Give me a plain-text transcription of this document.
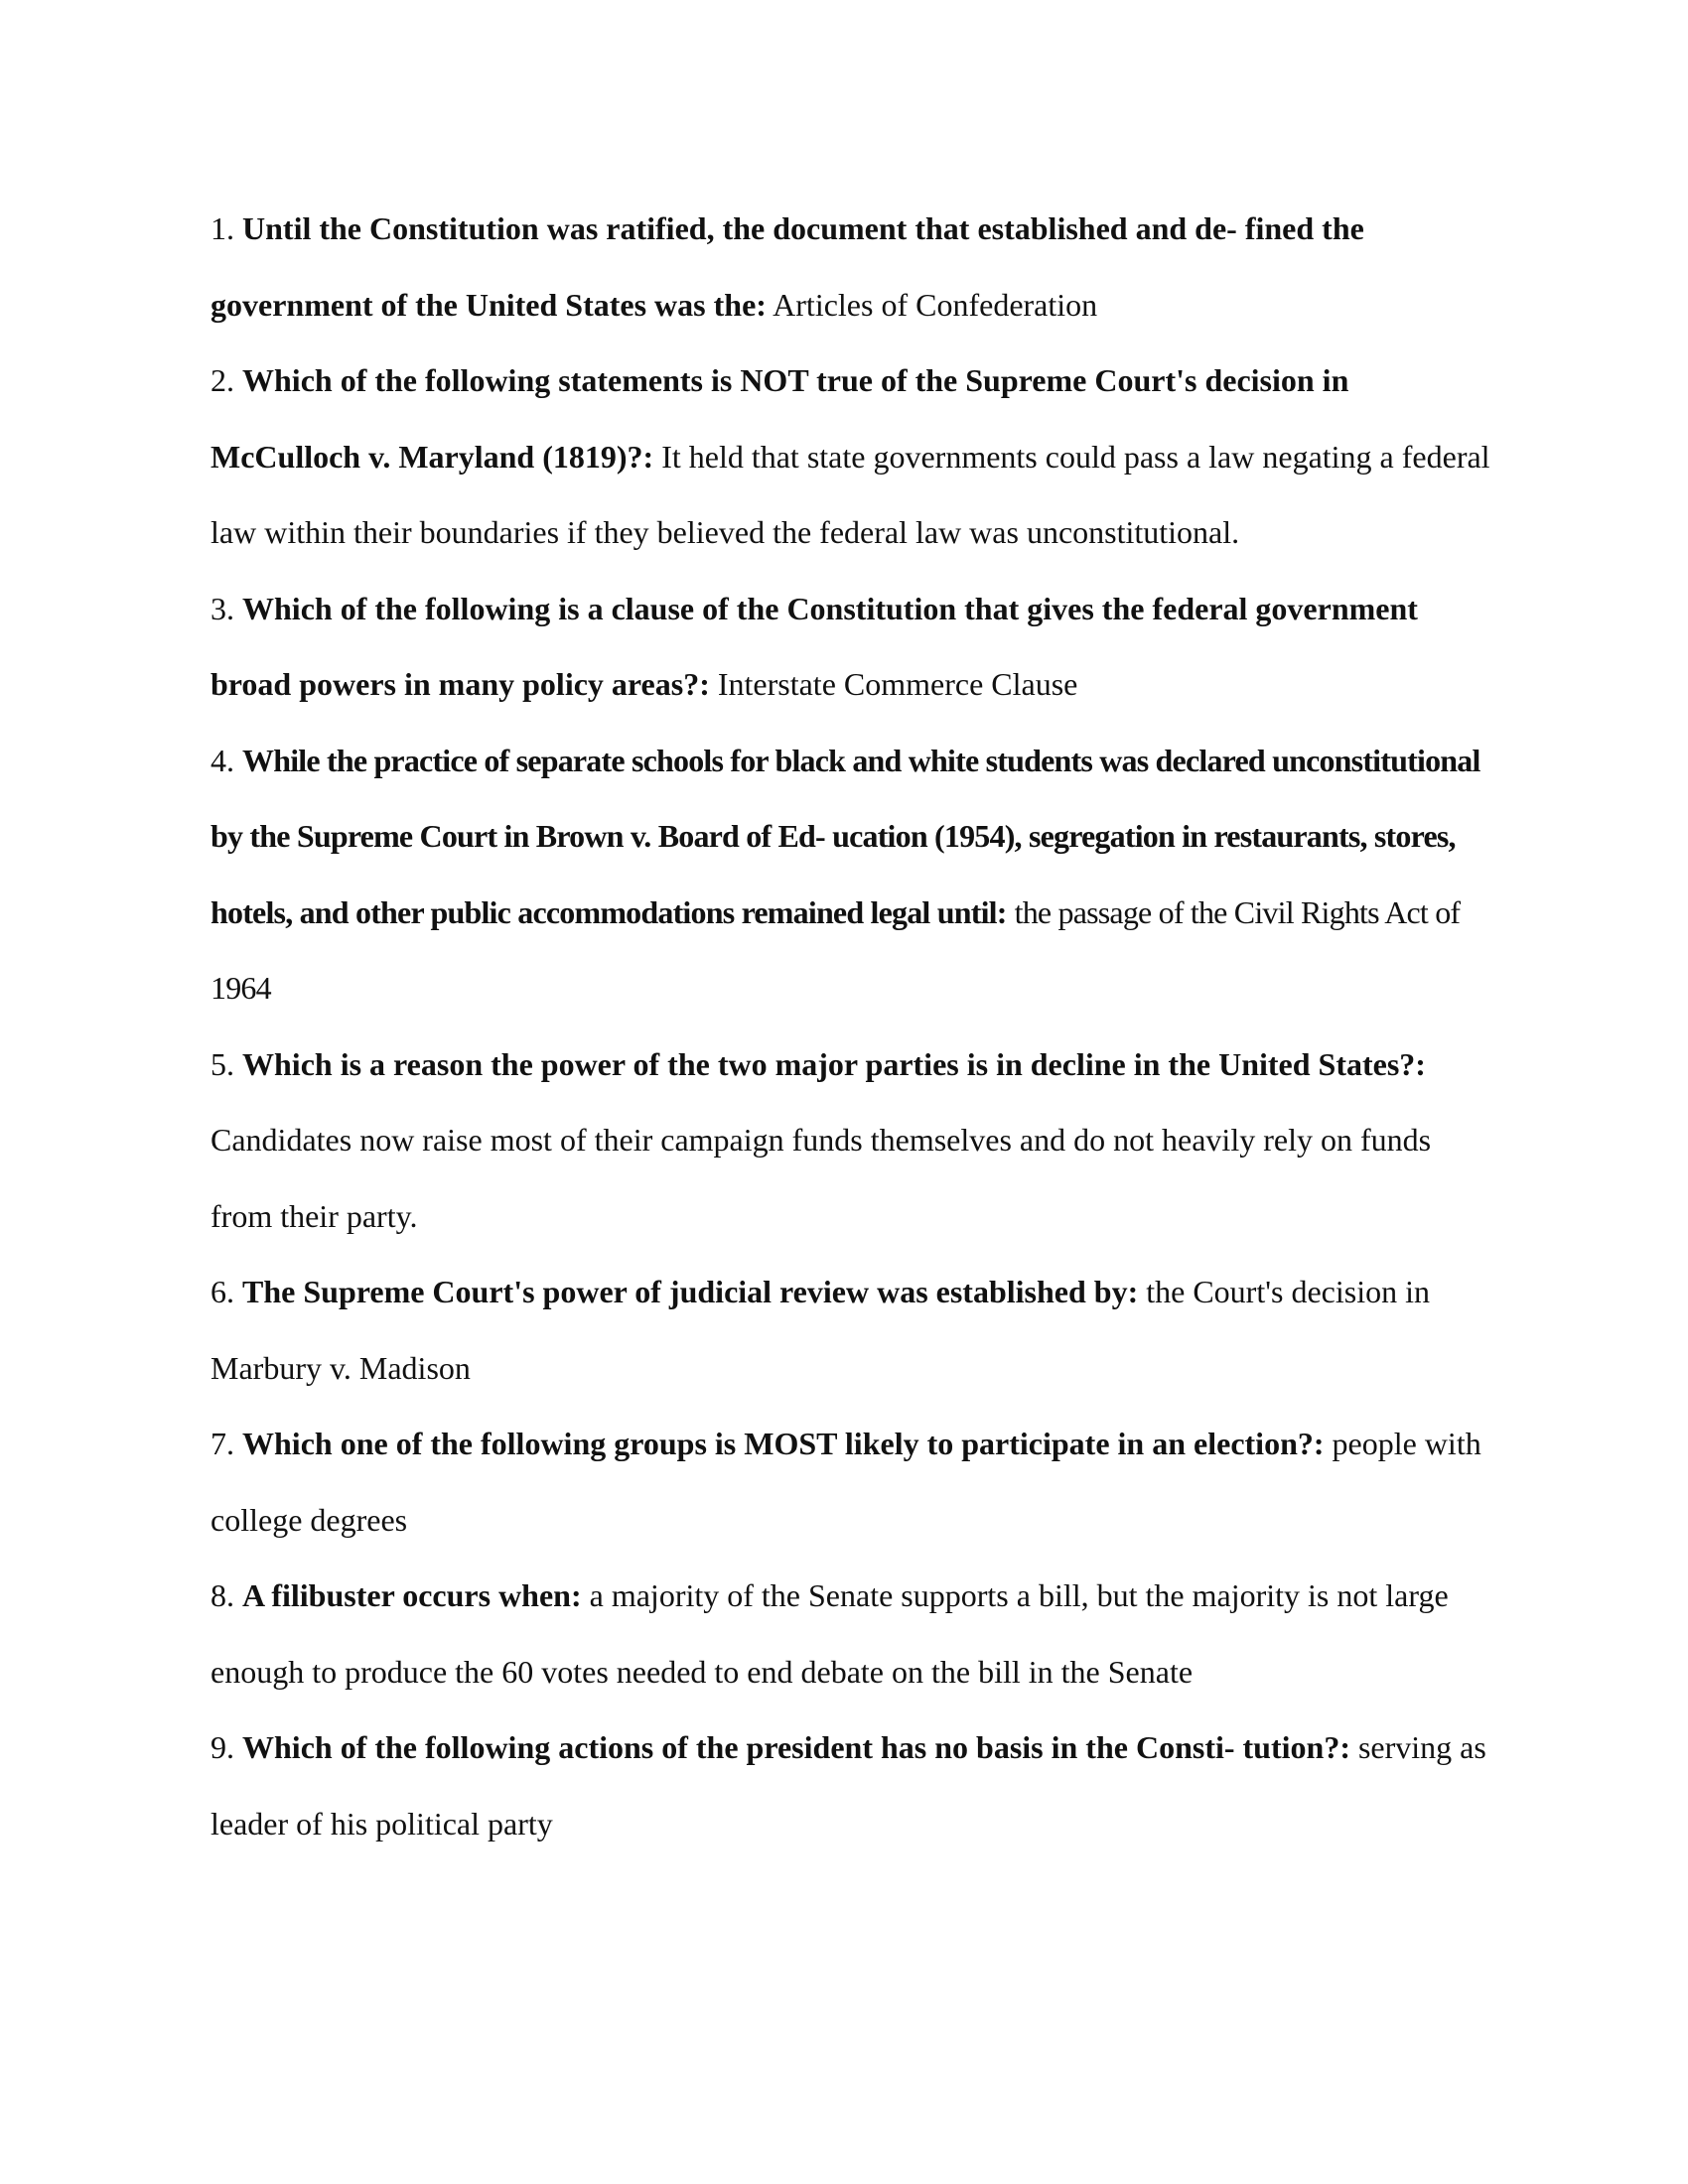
1. Until the Constitution was ratified, the document that established and de- fined the government of the United States was the: Articles of Confederation

2. Which of the following statements is NOT true of the Supreme Court's decision in McCulloch v. Maryland (1819)?: It held that state governments could pass a law negating a federal law within their boundaries if they believed the federal law was unconstitutional.

3. Which of the following is a clause of the Constitution that gives the federal government broad powers in many policy areas?: Interstate Commerce Clause

4. While the practice of separate schools for black and white students was declared unconstitutional by the Supreme Court in Brown v. Board of Ed- ucation (1954), segregation in restaurants, stores, hotels, and other public accommodations remained legal until: the passage of the Civil Rights Act of 1964

5. Which is a reason the power of the two major parties is in decline in the United States?: Candidates now raise most of their campaign funds themselves and do not heavily rely on funds from their party.

6. The Supreme Court's power of judicial review was established by: the Court's decision in Marbury v. Madison

7. Which one of the following groups is MOST likely to participate in an election?: people with college degrees

8. A filibuster occurs when: a majority of the Senate supports a bill, but the majority is not large enough to produce the 60 votes needed to end debate on the bill in the Senate

9. Which of the following actions of the president has no basis in the Consti- tution?: serving as leader of his political party
